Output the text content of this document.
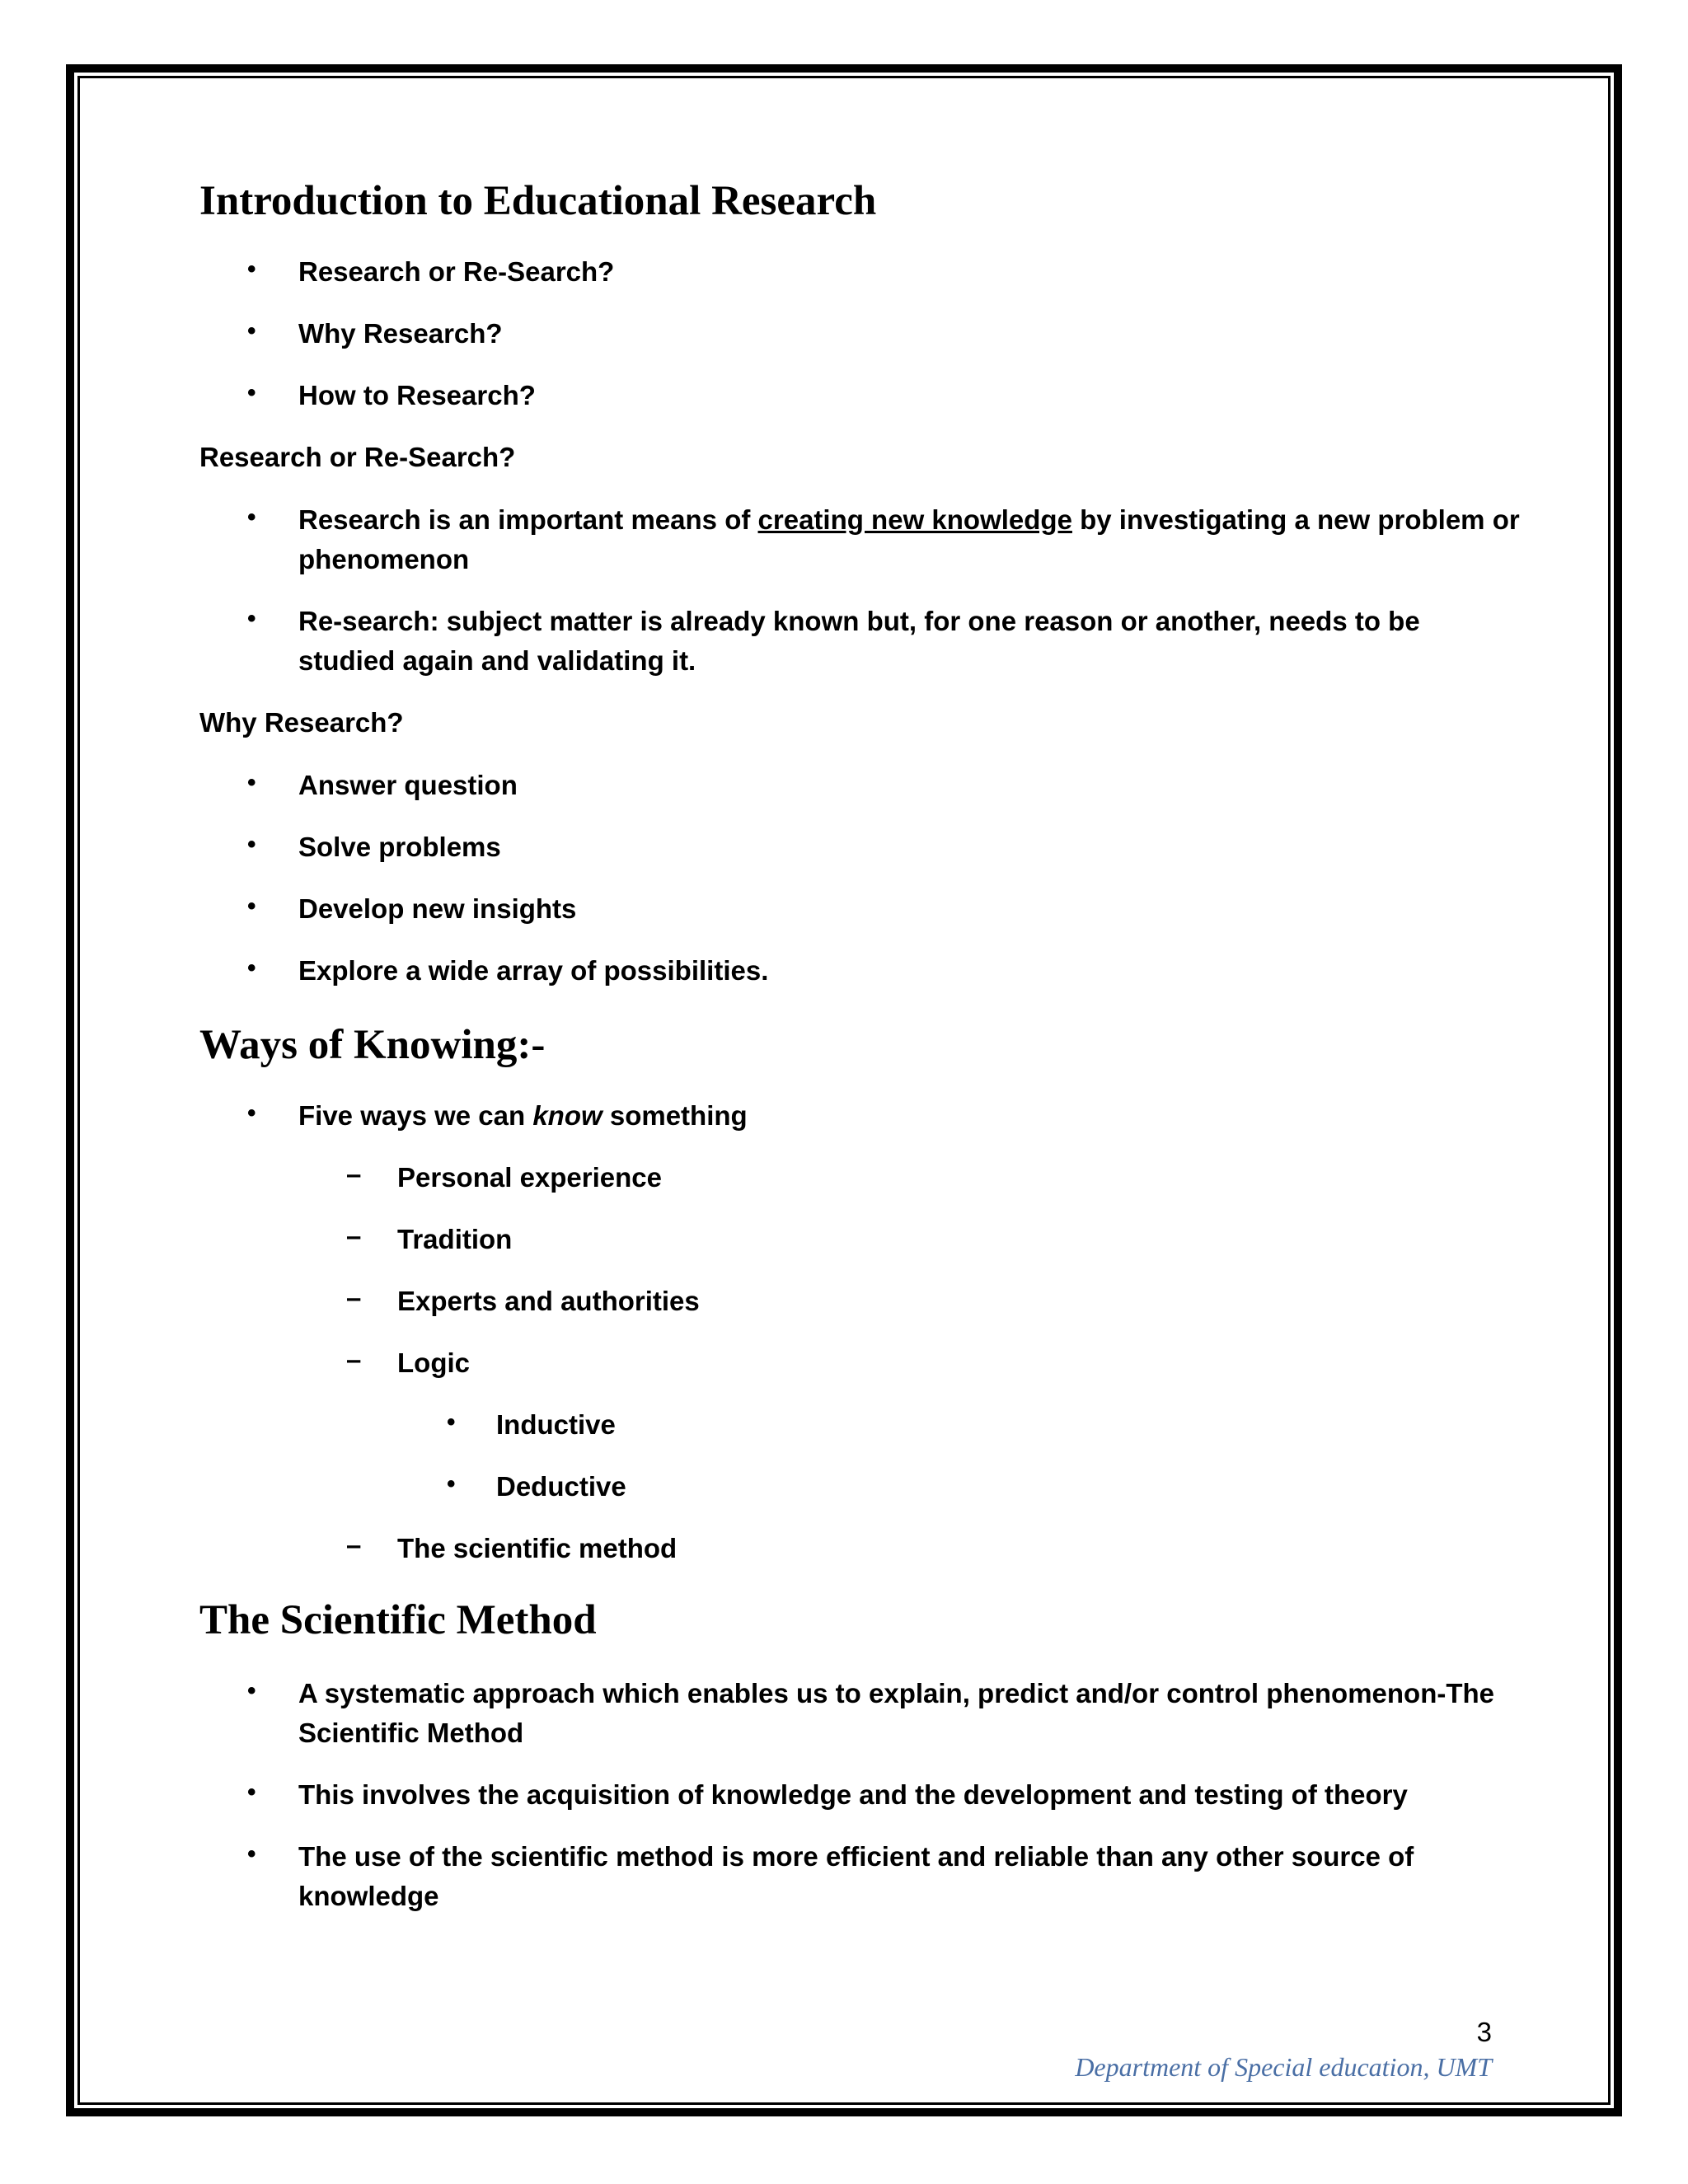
Introduction to Educational Research
• Research or Re-Search?
• Why Research?
• How to Research?
Research or Re-Search?
• Research is an important means of creating new knowledge by investigating a new problem or
phenomenon
• Re-search: subject matter is already known but, for one reason or another, needs to be
studied again and validating it.
Why Research?
• Answer question
• Solve problems
• Develop new insights
• Explore a wide array of possibilities.
Ways of Knowing:-
• Five ways we can know something
– Personal experience
– Tradition
– Experts and authorities
– Logic
• Inductive
• Deductive
– The scientific method
The Scientific Method
• A systematic approach which enables us to explain, predict and/or control phenomenon-The
Scientific Method
• This involves the acquisition of knowledge and the development and testing of theory
• The use of the scientific method is more efficient and reliable than any other source of
knowledge
3
Department of Special education, UMT
